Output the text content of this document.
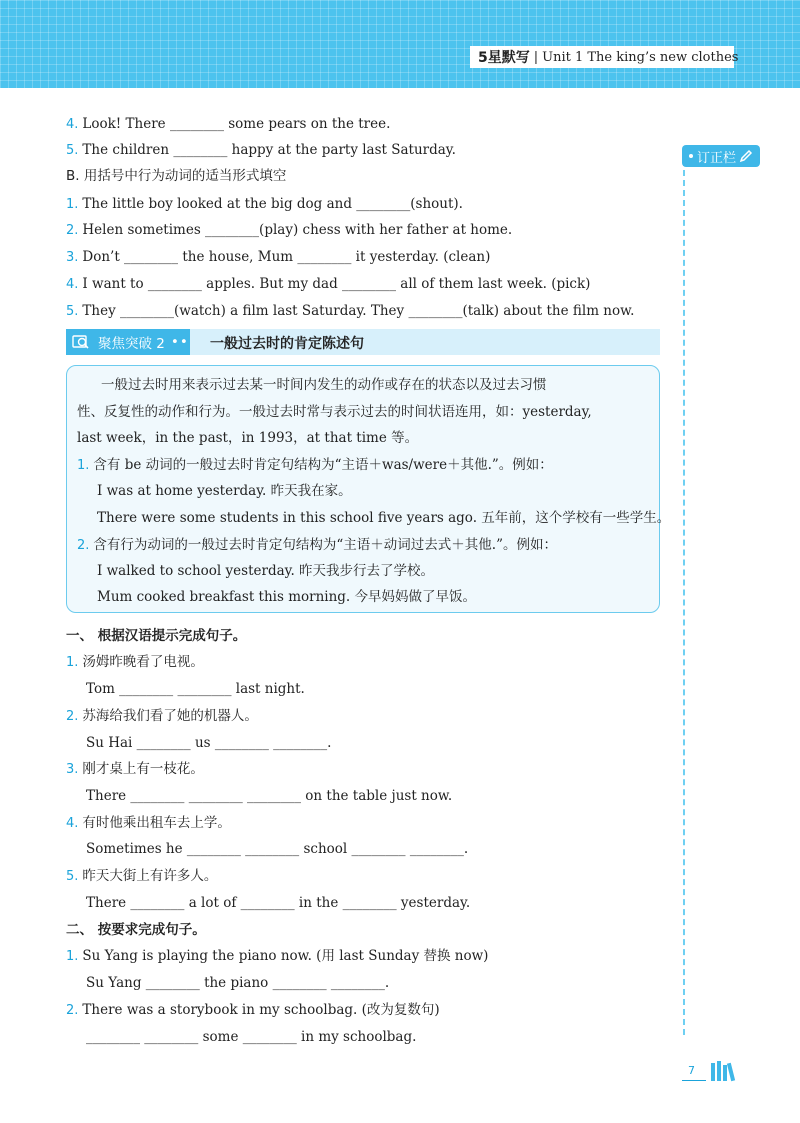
5星默写 | Unit 1 The king’s new clothes
订正栏
4. Look! There ________ some pears on the tree.
5. The children ________ happy at the party last Saturday.
B. 用括号中行为动词的适当形式填空
1. The little boy looked at the big dog and ________(shout).
2. Helen sometimes ________(play) chess with her father at home.
3. Don’t ________ the house, Mum ________ it yesterday. (clean)
4. I want to ________ apples. But my dad ________ all of them last week. (pick)
5. They ________(watch) a film last Saturday. They ________(talk) about the film now.
聚焦突破 2 •• 一般过去时的肯定陈述句
一般过去时用来表示过去某一时间内发生的动作或存在的状态以及过去习惯
性、反复性的动作和行为。一般过去时常与表示过去的时间状语连用，如：yesterday,
last week，in the past，in 1993，at that time 等。
1. 含有 be 动词的一般过去时肯定句结构为“主语＋was/were＋其他.”。例如：
I was at home yesterday. 昨天我在家。
There were some students in this school five years ago. 五年前，这个学校有一些学生。
2. 含有行为动词的一般过去时肯定句结构为“主语＋动词过去式＋其他.”。例如：
I walked to school yesterday. 昨天我步行去了学校。
Mum cooked breakfast this morning. 今早妈妈做了早饭。
一、 根据汉语提示完成句子。
1. 汤姆昨晚看了电视。
Tom ________ ________ last night.
2. 苏海给我们看了她的机器人。
Su Hai ________ us ________ ________.
3. 刚才桌上有一枝花。
There ________ ________ ________ on the table just now.
4. 有时他乘出租车去上学。
Sometimes he ________ ________ school ________ ________.
5. 昨天大街上有许多人。
There ________ a lot of ________ in the ________ yesterday.
二、 按要求完成句子。
1. Su Yang is playing the piano now. (用 last Sunday 替换 now)
Su Yang ________ the piano ________ ________.
2. There was a storybook in my schoolbag. (改为复数句)
________ ________ some ________ in my schoolbag.
7
